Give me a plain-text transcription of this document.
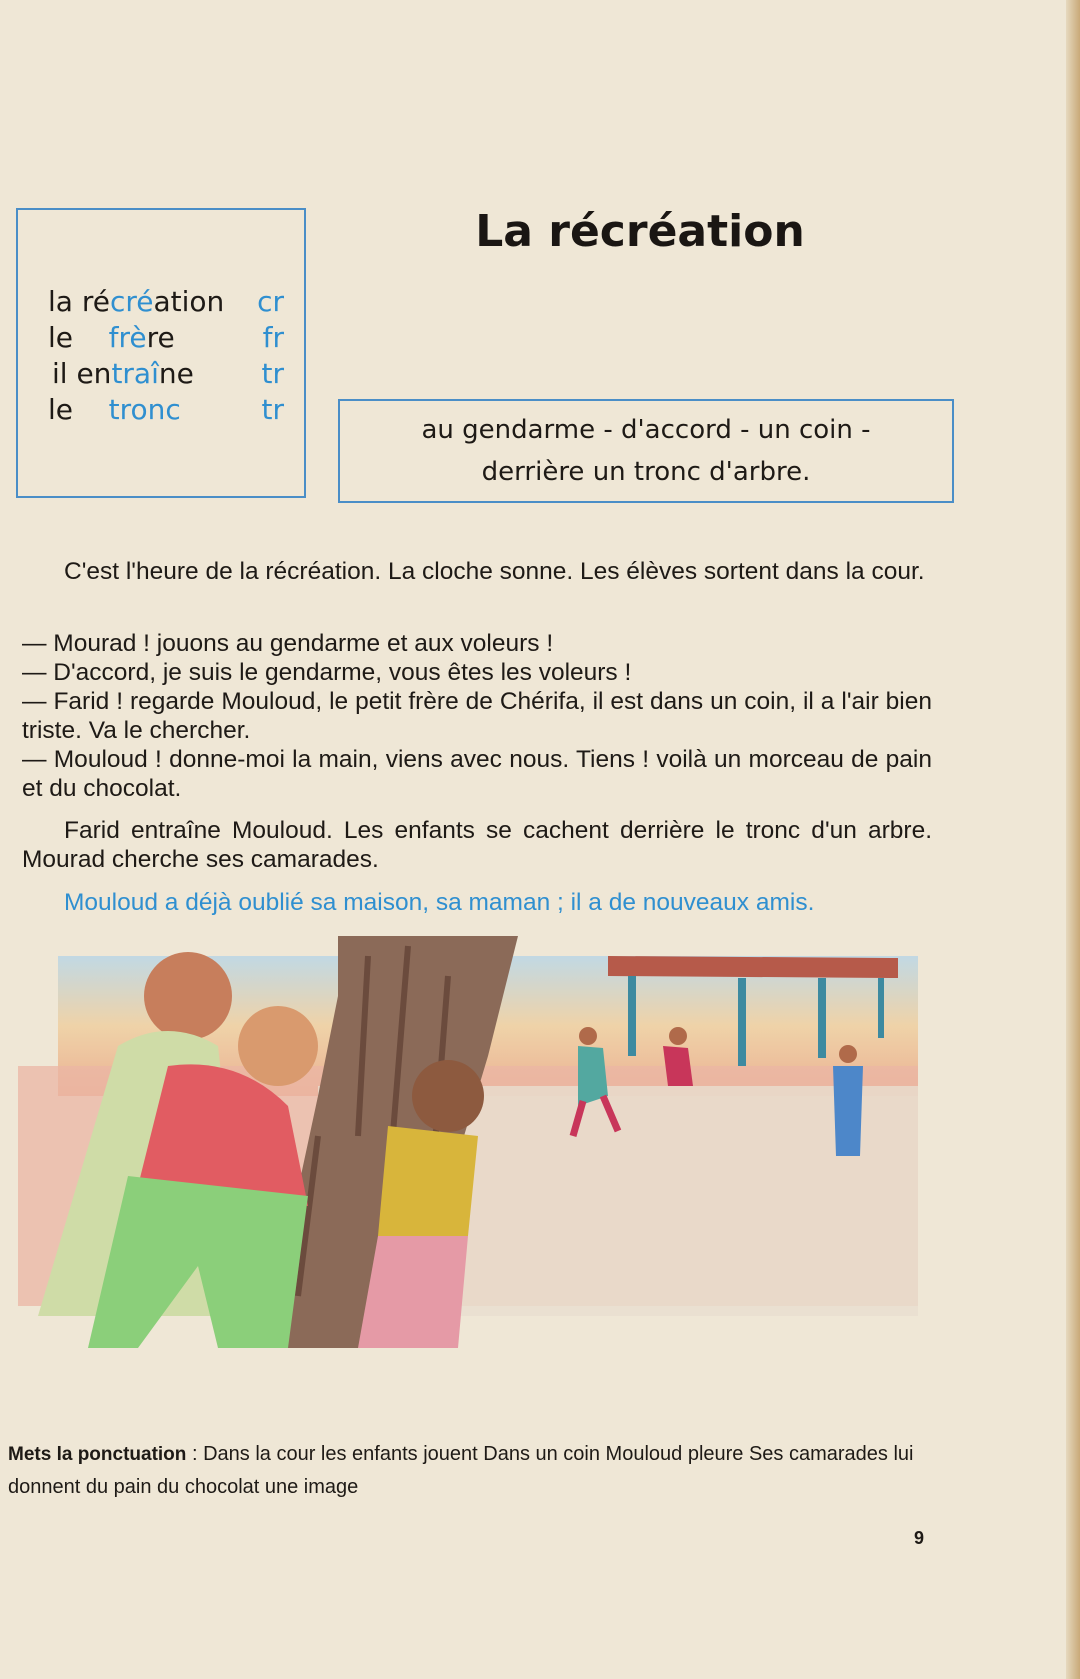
la récréation cr
le    frère	fr
il entraîne tr
le    tronc	tr
La récréation
au gendarme - d'accord - un coin -
derrière un tronc d'arbre.
C'est l'heure de la récréation. La cloche sonne. Les élèves sortent dans la cour.
— Mourad ! jouons au gendarme et aux voleurs !
— D'accord, je suis le gendarme, vous êtes les voleurs !
— Farid ! regarde Mouloud, le petit frère de Chérifa, il est dans un coin, il a l'air bien triste. Va le chercher.
— Mouloud ! donne-moi la main, viens avec nous. Tiens ! voilà un morceau de pain et du chocolat.
Farid entraîne Mouloud. Les enfants se cachent derrière le tronc d'un arbre. Mourad cherche ses camarades.
Mouloud a déjà oublié sa maison, sa maman ; il a de nouveaux amis.
Mets la ponctuation : Dans la cour les enfants jouent Dans un coin Mouloud pleure Ses camarades lui donnent du pain du chocolat une image
9
